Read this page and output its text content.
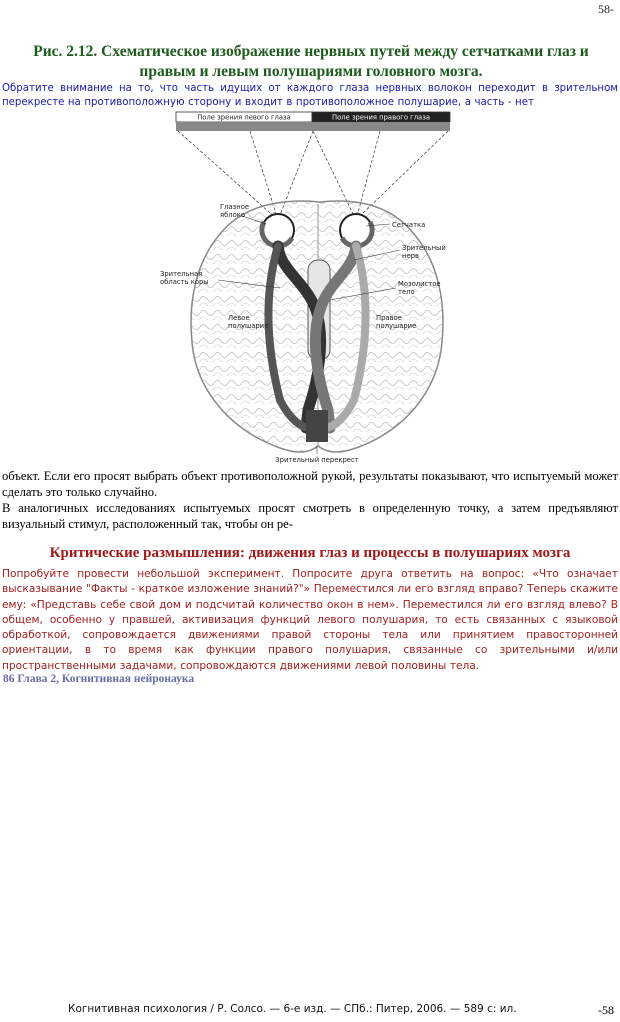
58-
Рис. 2.12. Схематическое изображение нервных путей между сетчатками глаз и
правым и левым полушариями головного мозга.
Обратите внимание на то, что часть идущих от каждого глаза нервных волокон переходит в зрительном перекресте на противоположную сторону и входит в противоположное полушарие, а часть - нет
Поле зрения левого глаза	Поле зрения правого глаза
Глазное
яблоко
Сетчатка
Зрительный
нерв
Зрительная
область коры	Мозолистое
тело
Левое
полушарие
Правое
полушарие
Зрительный перекрест
объект. Если его просят выбрать объект противоположной рукой, результаты показывают, что испытуемый может сделать это только случайно.
В аналогичных исследованиях испытуемых просят смотреть в определенную точку, а затем предъявляют визуальный стимул, расположенный так, чтобы он ре-
Критические размышления: движения глаз и процессы в полушариях мозга
Попробуйте провести небольшой эксперимент. Попросите друга ответить на вопрос: «Что означает высказывание "Факты - краткое изложение знаний?"» Переместился ли его взгляд вправо? Теперь скажите ему: «Представь себе свой дом и подсчитай количество окон в нем». Переместился ли его взгляд влево? В общем, особенно у правшей, активизация функций левого полушария, то есть связанных с языковой обработкой, сопровождается движениями правой стороны тела или принятием правосторонней ориентации, в то время как функции правого полушария, связанные со зрительными и/или пространственными задачами, сопровождаются движениями левой половины тела.
86 Глава 2, Когнитивная нейронаука
Когнитивная психология / Р. Солсо. — 6-е изд. — СПб.: Питер, 2006. — 589 с: ил.	-58
